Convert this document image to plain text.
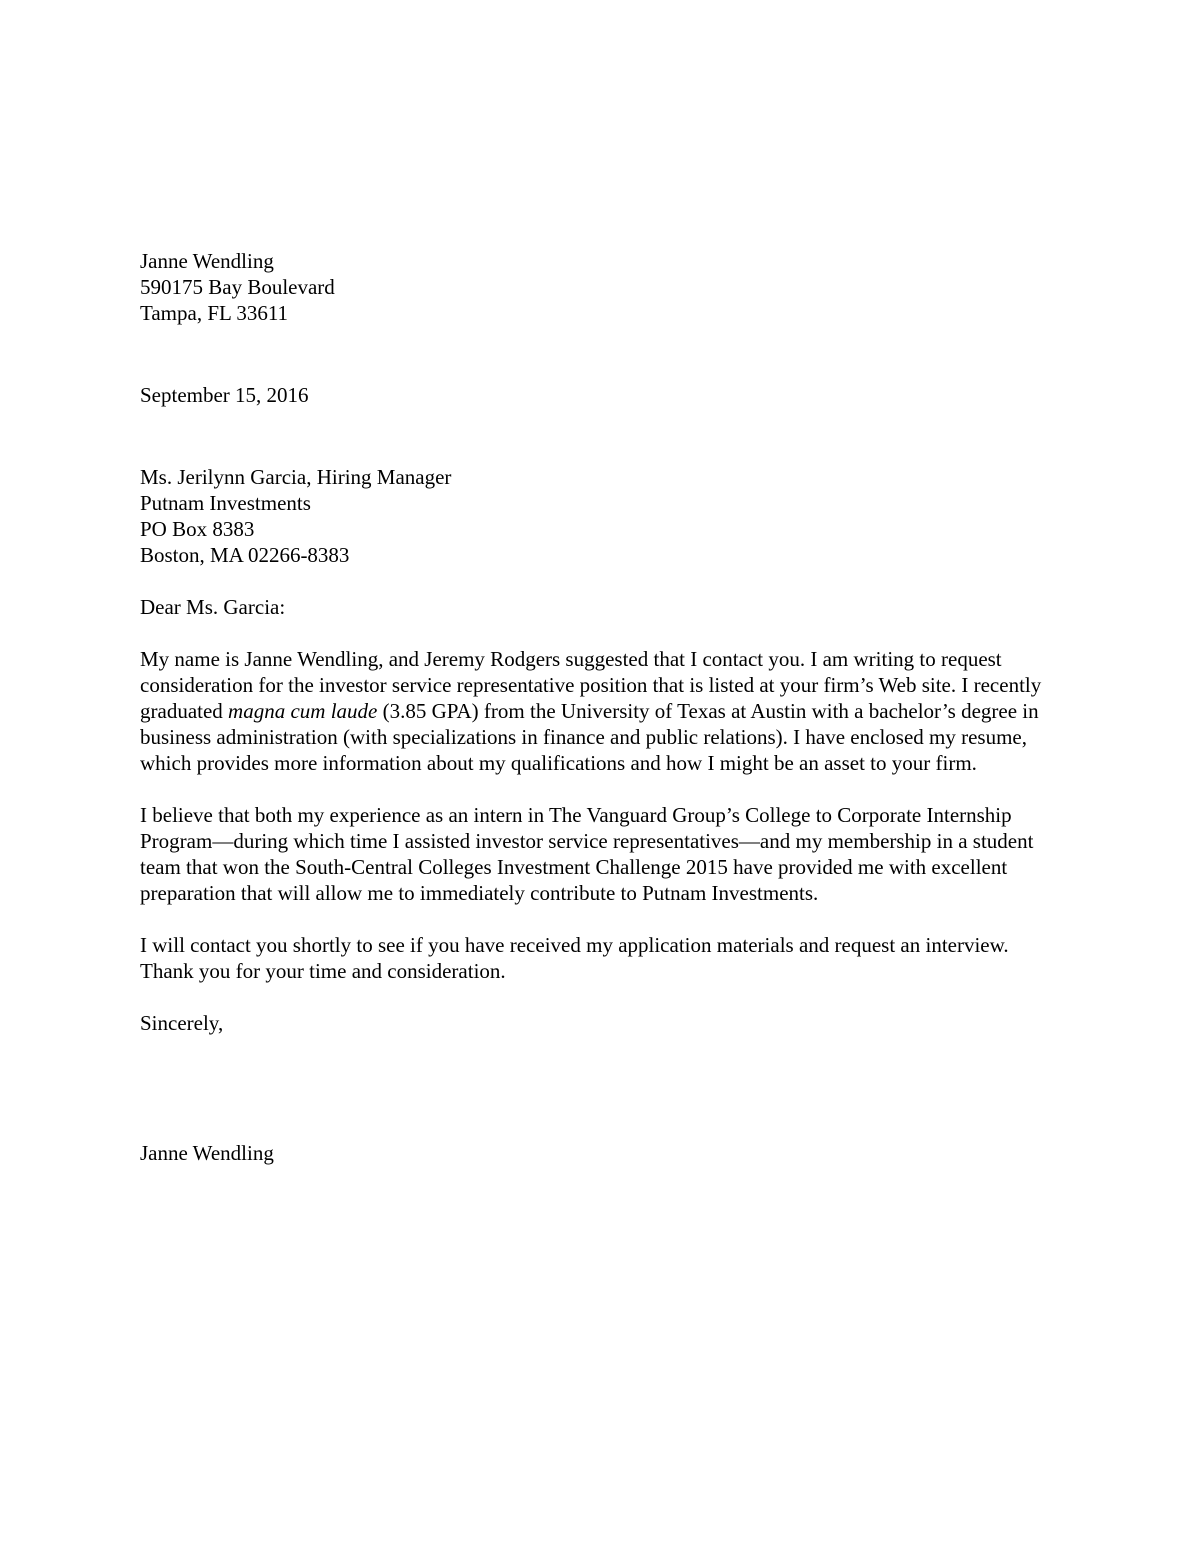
Janne Wendling
590175 Bay Boulevard
Tampa, FL 33611
September 15, 2016
Ms. Jerilynn Garcia, Hiring Manager
Putnam Investments
PO Box 8383
Boston, MA 02266-8383

Dear Ms. Garcia:

My name is Janne Wendling, and Jeremy Rodgers suggested that I contact you. I am writing to request consideration for the investor service representative position that is listed at your firm’s Web site. I recently graduated magna cum laude (3.85 GPA) from the University of Texas at Austin with a bachelor’s degree in business administration (with specializations in finance and public relations). I have enclosed my resume, which provides more information about my qualifications and how I might be an asset to your firm.

I believe that both my experience as an intern in The Vanguard Group’s College to Corporate Internship Program—during which time I assisted investor service representatives—and my membership in a student team that won the South-Central Colleges Investment Challenge 2015 have provided me with excellent preparation that will allow me to immediately contribute to Putnam Investments.

I will contact you shortly to see if you have received my application materials and request an interview. Thank you for your time and consideration.

Sincerely,

Janne Wendling
